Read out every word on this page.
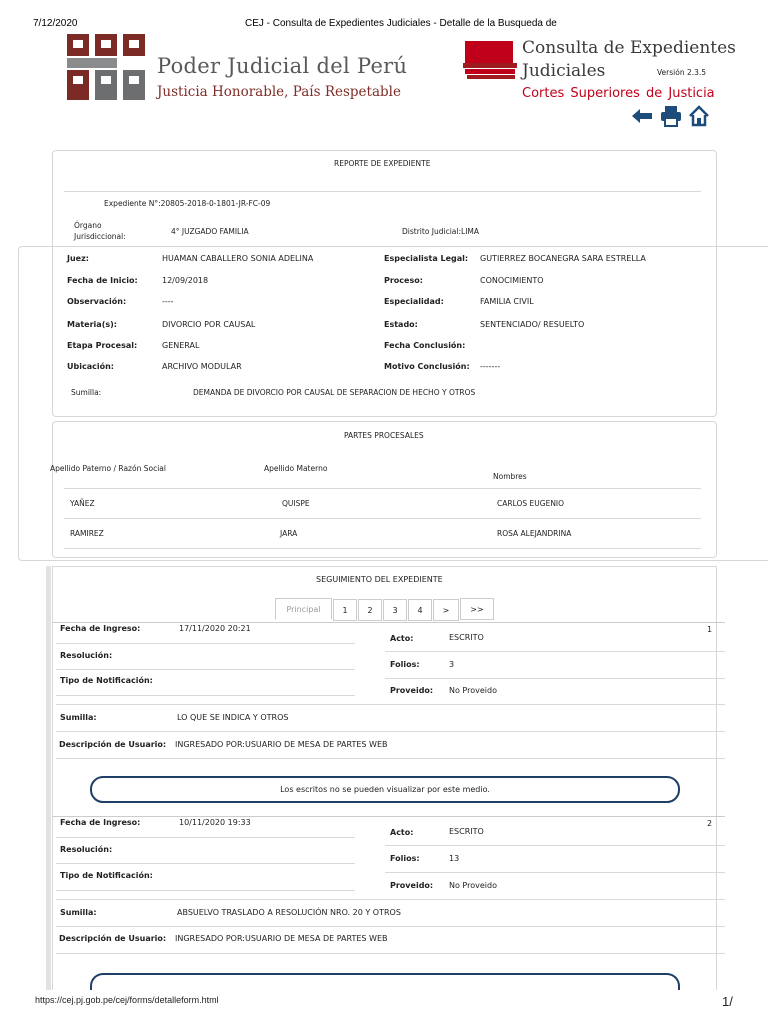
7/12/2020	CEJ - Consulta de Expedientes Judiciales - Detalle de la Busqueda de
Poder Judicial del Perú
Justicia Honorable, País Respetable
Consulta de Expedientes
Judiciales	Versión 2.3.5
Cortes Superiores de Justicia
REPORTE DE EXPEDIENTE
Expediente N°:20805-2018-0-1801-JR-FC-09
Órgano
Jurisdiccional:
4° JUZGADO FAMILIA	Distrito Judicial:LIMA
Juez:	HUAMAN CABALLERO SONIA ADELINA	Especialista Legal: GUTIERREZ BOCANEGRA SARA ESTRELLA
Fecha de Inicio:	12/09/2018	Proceso:	CONOCIMIENTO
Observación:	----	Especialidad:	FAMILIA CIVIL
Materia(s):	DIVORCIO POR CAUSAL	Estado:	SENTENCIADO/ RESUELTO
Etapa Procesal:	GENERAL	Fecha Conclusión:
Ubicación:	ARCHIVO MODULAR	Motivo Conclusión: -------
Sumilla:	DEMANDA DE DIVORCIO POR CAUSAL DE SEPARACION DE HECHO Y OTROS
PARTES PROCESALES
Apellido Paterno / Razón Social	Apellido Materno
Nombres
YAÑEZ	QUISPE	CARLOS EUGENIO
RAMIREZ	JARA	ROSA ALEJANDRINA
SEGUIMIENTO DEL EXPEDIENTE
Principal	1	2	3	4	>	>>
Fecha de Ingreso:	17/11/2020 20:21	1
Acto:	ESCRITO
Resolución:
Folios:	3
Tipo de Notificación:
Proveido: No Proveido
Sumilla:	LO QUE SE INDICA Y OTROS
Descripción de Usuario: INGRESADO POR:USUARIO DE MESA DE PARTES WEB
Los escritos no se pueden visualizar por este medio.
Fecha de Ingreso:	10/11/2020 19:33	2
Acto:	ESCRITO
Resolución:
Folios:	13
Tipo de Notificación:
Proveido: No Proveido
Sumilla:	ABSUELVO TRASLADO A RESOLUCIÓN NRO. 20 Y OTROS
Descripción de Usuario: INGRESADO POR:USUARIO DE MESA DE PARTES WEB
https://cej.pj.gob.pe/cej/forms/detalleform.html	1/
